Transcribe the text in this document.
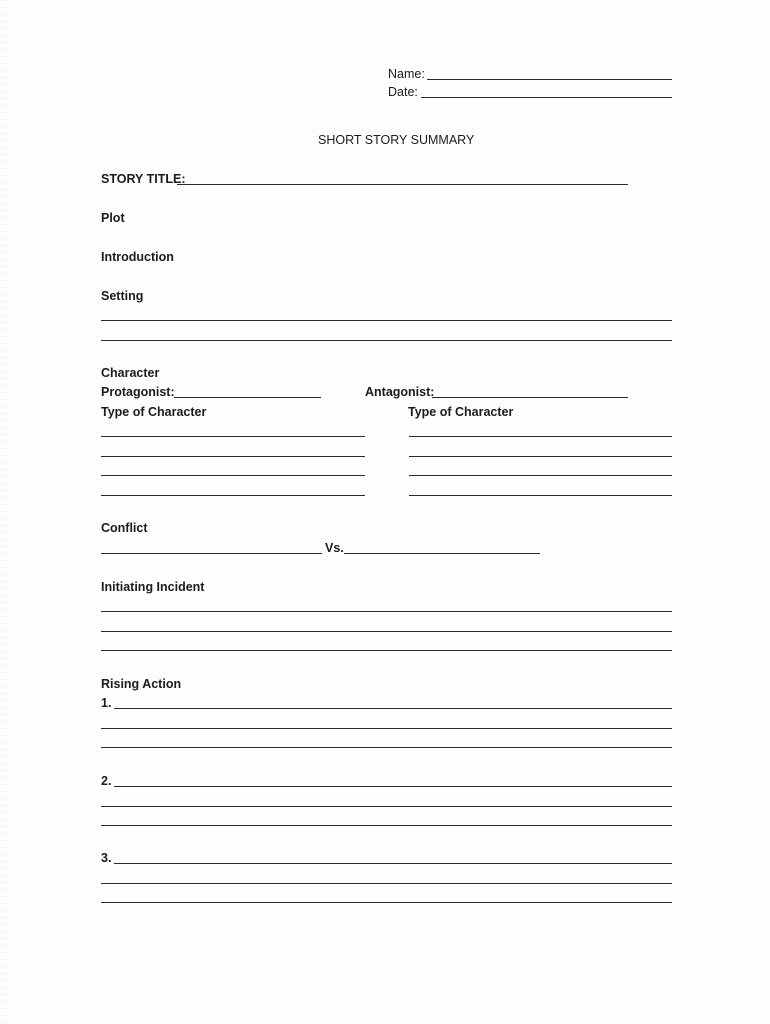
Name:
Date:
SHORT STORY SUMMARY
STORY TITLE:
Plot
Introduction
Setting
Character
Protagonist:	Antagonist:
Type of Character	Type of Character
Conflict
Vs.
Initiating Incident
Rising Action
1.
2.
3.
